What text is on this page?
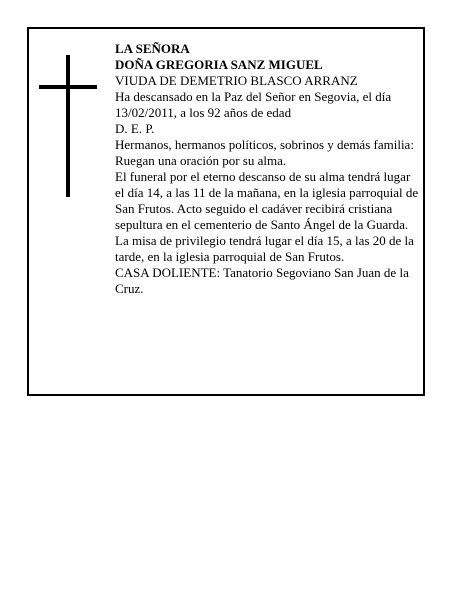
LA SEÑORA

DOÑA GREGORIA SANZ MIGUEL

VIUDA DE DEMETRIO BLASCO ARRANZ

Ha descansado en la Paz del Señor en Segovia, el día 13/02/2011, a los 92 años de edad

D. E. P.

Hermanos, hermanos políticos, sobrinos y demás familia:

Ruegan una oración por su alma.

El funeral por el eterno descanso de su alma tendrá lugar el día 14, a las 11 de la mañana, en la iglesia parroquial de San Frutos. Acto seguido el cadáver recibirá cristiana sepultura en el cementerio de Santo Ángel de la Guarda. La misa de privilegio tendrá lugar el día 15, a las 20 de la tarde, en la iglesia parroquial de San Frutos.

CASA DOLIENTE: Tanatorio Segoviano San Juan de la Cruz.
